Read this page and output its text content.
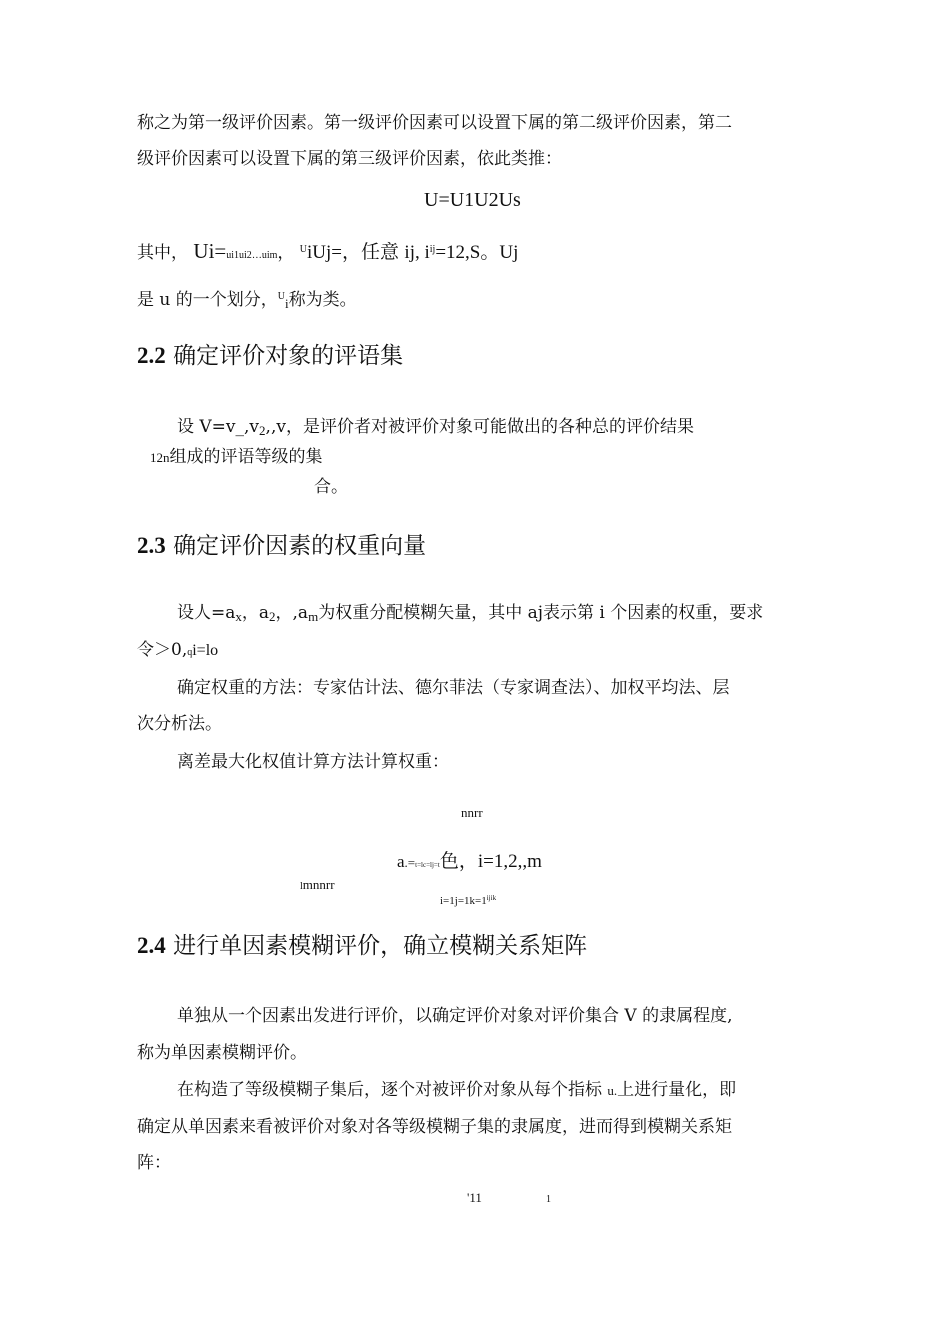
称之为第一级评价因素。第一级评价因素可以设置下属的第二级评价因素，第二
级评价因素可以设置下属的第三级评价因素，依此类推：
U=U1U2Us
其中， Ui=ui1ui2…uim， $^U$iUj=，任意 ij, $i^{ij}=12,S$。Uj
是 u 的一个划分，$^U_i$称为类。
2.2 确定评价对象的评语集
设 $V=v\_,v_2,,v$，是评价者对被评价对象可能做出的各种总的评价结果
12n组成的评语等级的集
合。
2.3 确定评价因素的权重向量
设人$=a_x$，$a_2$，$,a_m$为权重分配模糊矢量，其中 aj表示第 i 个因素的权重，要求
令＞0,qi=lo
确定权重的方法：专家估计法、德尔菲法（专家调查法）、加权平均法、层
次分析法。
离差最大化权值计算方法计算权重：
nnrr
a.=t=lc=lj=t色，i=1,2,,m
lmnnrr
$i=1j=1k=1^{ijik}$
2.4 进行单因素模糊评价，确立模糊关系矩阵
单独从一个因素出发进行评价，以确定评价对象对评价集合 V 的隶属程度,
称为单因素模糊评价。
在构造了等级模糊子集后，逐个对被评价对象从每个指标 u.上进行量化，即
确定从单因素来看被评价对象对各等级模糊子集的隶属度，进而得到模糊关系矩
阵：
'11	1
